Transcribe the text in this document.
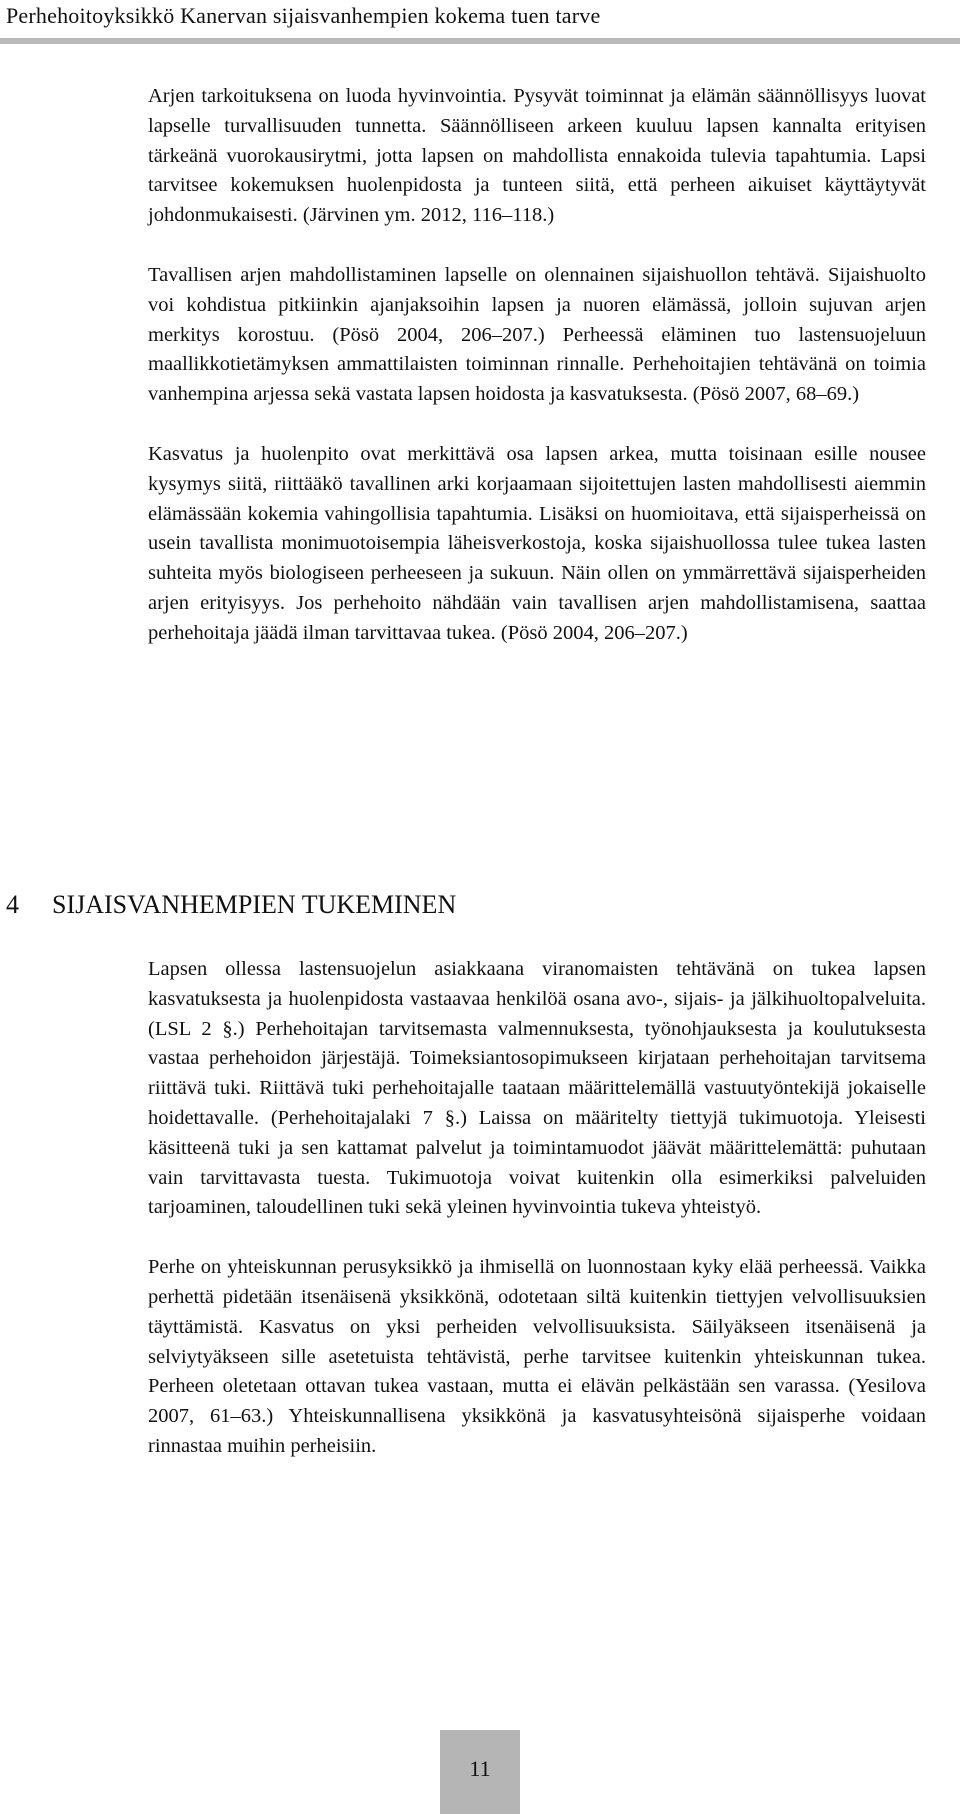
Perhehoitoyksikkö Kanervan sijaisvanhempien kokema tuen tarve

Arjen tarkoituksena on luoda hyvinvointia. Pysyvät toiminnat ja elämän säännöllisyys luovat lapselle turvallisuuden tunnetta. Säännölliseen arkeen kuuluu lapsen kannalta erityisen tärkeänä vuorokausirytmi, jotta lapsen on mahdollista ennakoida tulevia tapahtumia. Lapsi tarvitsee kokemuksen huolenpidosta ja tunteen siitä, että perheen aikuiset käyttäytyvät johdonmukaisesti. (Järvinen ym. 2012, 116–118.)

Tavallisen arjen mahdollistaminen lapselle on olennainen sijaishuollon tehtävä. Sijaishuolto voi kohdistua pitkiinkin ajanjaksoihin lapsen ja nuoren elämässä, jolloin sujuvan arjen merkitys korostuu. (Pösö 2004, 206–207.) Perheessä eläminen tuo lastensuojeluun maallikkotietämyksen ammattilaisten toiminnan rinnalle. Perhehoitajien tehtävänä on toimia vanhempina arjessa sekä vastata lapsen hoidosta ja kasvatuksesta. (Pösö 2007, 68–69.)

Kasvatus ja huolenpito ovat merkittävä osa lapsen arkea, mutta toisinaan esille nousee kysymys siitä, riittääkö tavallinen arki korjaamaan sijoitettujen lasten mahdollisesti aiemmin elämässään kokemia vahingollisia tapahtumia. Lisäksi on huomioitava, että sijaisperheissä on usein tavallista monimuotoisempia läheisverkostoja, koska sijaishuollossa tulee tukea lasten suhteita myös biologiseen perheeseen ja sukuun. Näin ollen on ymmärrettävä sijaisperheiden arjen erityisyys. Jos perhehoito nähdään vain tavallisen arjen mahdollistamisena, saattaa perhehoitaja jäädä ilman tarvittavaa tukea. (Pösö 2004, 206–207.)

4 SIJAISVANHEMPIEN TUKEMINEN

Lapsen ollessa lastensuojelun asiakkaana viranomaisten tehtävänä on tukea lapsen kasvatuksesta ja huolenpidosta vastaavaa henkilöä osana avo-, sijais- ja jälkihuoltopalveluita. (LSL 2 §.) Perhehoitajan tarvitsemasta valmennuksesta, työnohjauksesta ja koulutuksesta vastaa perhehoidon järjestäjä. Toimeksiantosopimukseen kirjataan perhehoitajan tarvitsema riittävä tuki. Riittävä tuki perhehoitajalle taataan määrittelemällä vastuutyöntekijä jokaiselle hoidettavalle. (Perhehoitajalaki 7 §.) Laissa on määritelty tiettyjä tukimuotoja. Yleisesti käsitteenä tuki ja sen kattamat palvelut ja toimintamuodot jäävät määrittelemättä: puhutaan vain tarvittavasta tuesta. Tukimuotoja voivat kuitenkin olla esimerkiksi palveluiden tarjoaminen, taloudellinen tuki sekä yleinen hyvinvointia tukeva yhteistyö.

Perhe on yhteiskunnan perusyksikkö ja ihmisellä on luonnostaan kyky elää perheessä. Vaikka perhettä pidetään itsenäisenä yksikkönä, odotetaan siltä kuitenkin tiettyjen velvollisuuksien täyttämistä. Kasvatus on yksi perheiden velvollisuuksista. Säilyäkseen itsenäisenä ja selviytyäkseen sille asetetuista tehtävistä, perhe tarvitsee kuitenkin yhteiskunnan tukea. Perheen oletetaan ottavan tukea vastaan, mutta ei elävän pelkästään sen varassa. (Yesilova 2007, 61–63.) Yhteiskunnallisena yksikkönä ja kasvatusyhteisönä sijaisperhe voidaan rinnastaa muihin perheisiin.

11
